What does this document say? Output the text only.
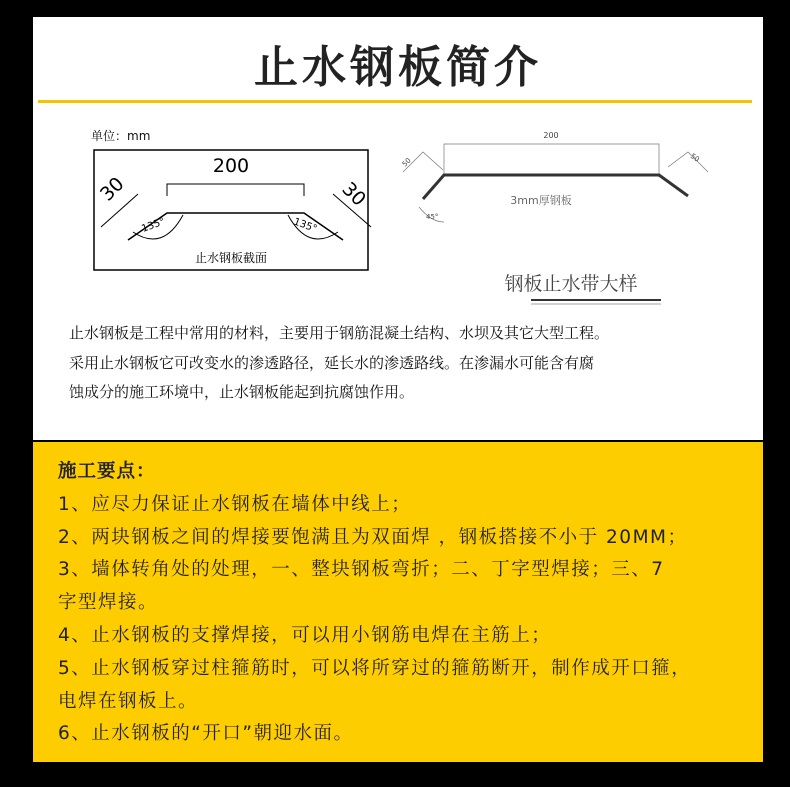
止水钢板简介
单位：mm
200
30	30
135°	135°
止水钢板截面
200
50	50
45°
3mm厚钢板
钢板止水带大样
止水钢板是工程中常用的材料，主要用于钢筋混凝土结构、水坝及其它大型工程。
采用止水钢板它可改变水的渗透路径，延长水的渗透路线。在渗漏水可能含有腐
蚀成分的施工环境中，止水钢板能起到抗腐蚀作用。
施工要点：
1、应尽力保证止水钢板在墙体中线上；
2、两块钢板之间的焊接要饱满且为双面焊 ，钢板搭接不小于 20MM；
3、墙体转角处的处理，一、整块钢板弯折；二、丁字型焊接；三、7
字型焊接。
4、止水钢板的支撑焊接，可以用小钢筋电焊在主筋上；
5、止水钢板穿过柱箍筋时，可以将所穿过的箍筋断开，制作成开口箍，
电焊在钢板上。
6、止水钢板的“开口”朝迎水面。
